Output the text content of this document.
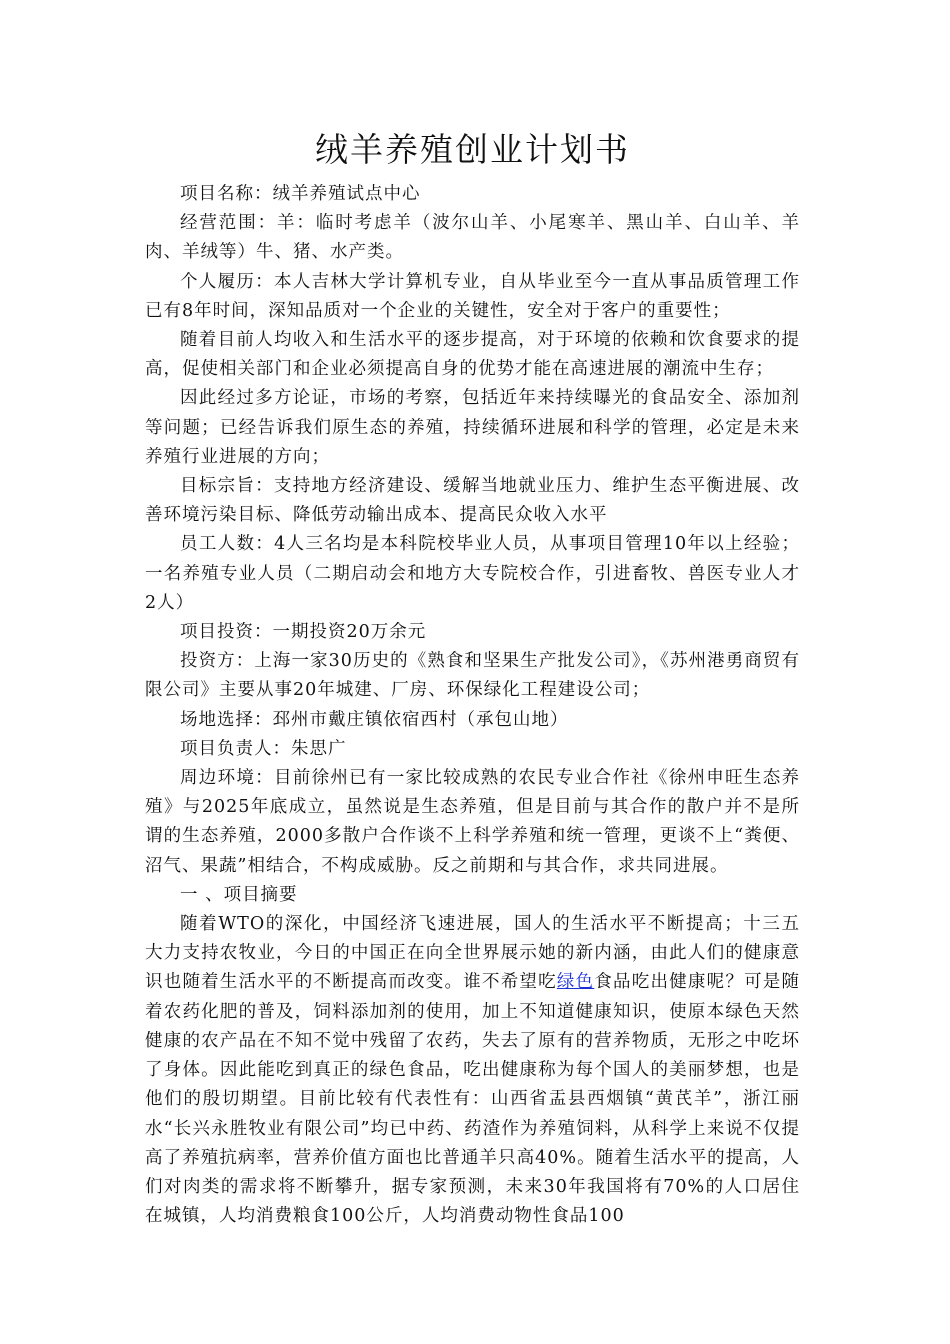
绒羊养殖创业计划书

项目名称：绒羊养殖试点中心

经营范围：羊：临时考虑羊（波尔山羊、小尾寒羊、黑山羊、白山羊、羊肉、羊绒等）牛、猪、水产类。

个人履历：本人吉林大学计算机专业，自从毕业至今一直从事品质管理工作已有8年时间，深知品质对一个企业的关键性，安全对于客户的重要性；

随着目前人均收入和生活水平的逐步提高，对于环境的依赖和饮食要求的提高，促使相关部门和企业必须提高自身的优势才能在高速进展的潮流中生存；

因此经过多方论证，市场的考察，包括近年来持续曝光的食品安全、添加剂等问题；已经告诉我们原生态的养殖，持续循环进展和科学的管理，必定是未来养殖行业进展的方向；

目标宗旨：支持地方经济建设、缓解当地就业压力、维护生态平衡进展、改善环境污染目标、降低劳动输出成本、提高民众收入水平

员工人数：4人三名均是本科院校毕业人员，从事项目管理10年以上经验；一名养殖专业人员（二期启动会和地方大专院校合作，引进畜牧、兽医专业人才2人）

项目投资：一期投资20万余元

投资方：上海一家30历史的《熟食和坚果生产批发公司》，《苏州港勇商贸有限公司》主要从事20年城建、厂房、环保绿化工程建设公司；

场地选择：邳州市戴庄镇依宿西村（承包山地）

项目负责人：朱思广

周边环境：目前徐州已有一家比较成熟的农民专业合作社《徐州申旺生态养殖》与2025年底成立，虽然说是生态养殖，但是目前与其合作的散户并不是所谓的生态养殖，2000多散户合作谈不上科学养殖和统一管理，更谈不上“粪便、沼气、果蔬”相结合，不构成威胁。反之前期和与其合作，求共同进展。

一 、项目摘要

随着WTO的深化，中国经济飞速进展，国人的生活水平不断提高；十三五大力支持农牧业，今日的中国正在向全世界展示她的新内涵，由此人们的健康意识也随着生活水平的不断提高而改变。谁不希望吃绿色食品吃出健康呢？可是随着农药化肥的普及，饲料添加剂的使用，加上不知道健康知识，使原本绿色天然健康的农产品在不知不觉中残留了农药，失去了原有的营养物质，无形之中吃坏了身体。因此能吃到真正的绿色食品，吃出健康称为每个国人的美丽梦想，也是他们的殷切期望。目前比较有代表性有：山西省盂县西烟镇“黄芪羊”，浙江丽水“长兴永胜牧业有限公司”均已中药、药渣作为养殖饲料，从科学上来说不仅提高了养殖抗病率，营养价值方面也比普通羊只高40%。随着生活水平的提高，人们对肉类的需求将不断攀升，据专家预测，未来30年我国将有70%的人口居住在城镇，人均消费粮食100公斤，人均消费动物性食品100
